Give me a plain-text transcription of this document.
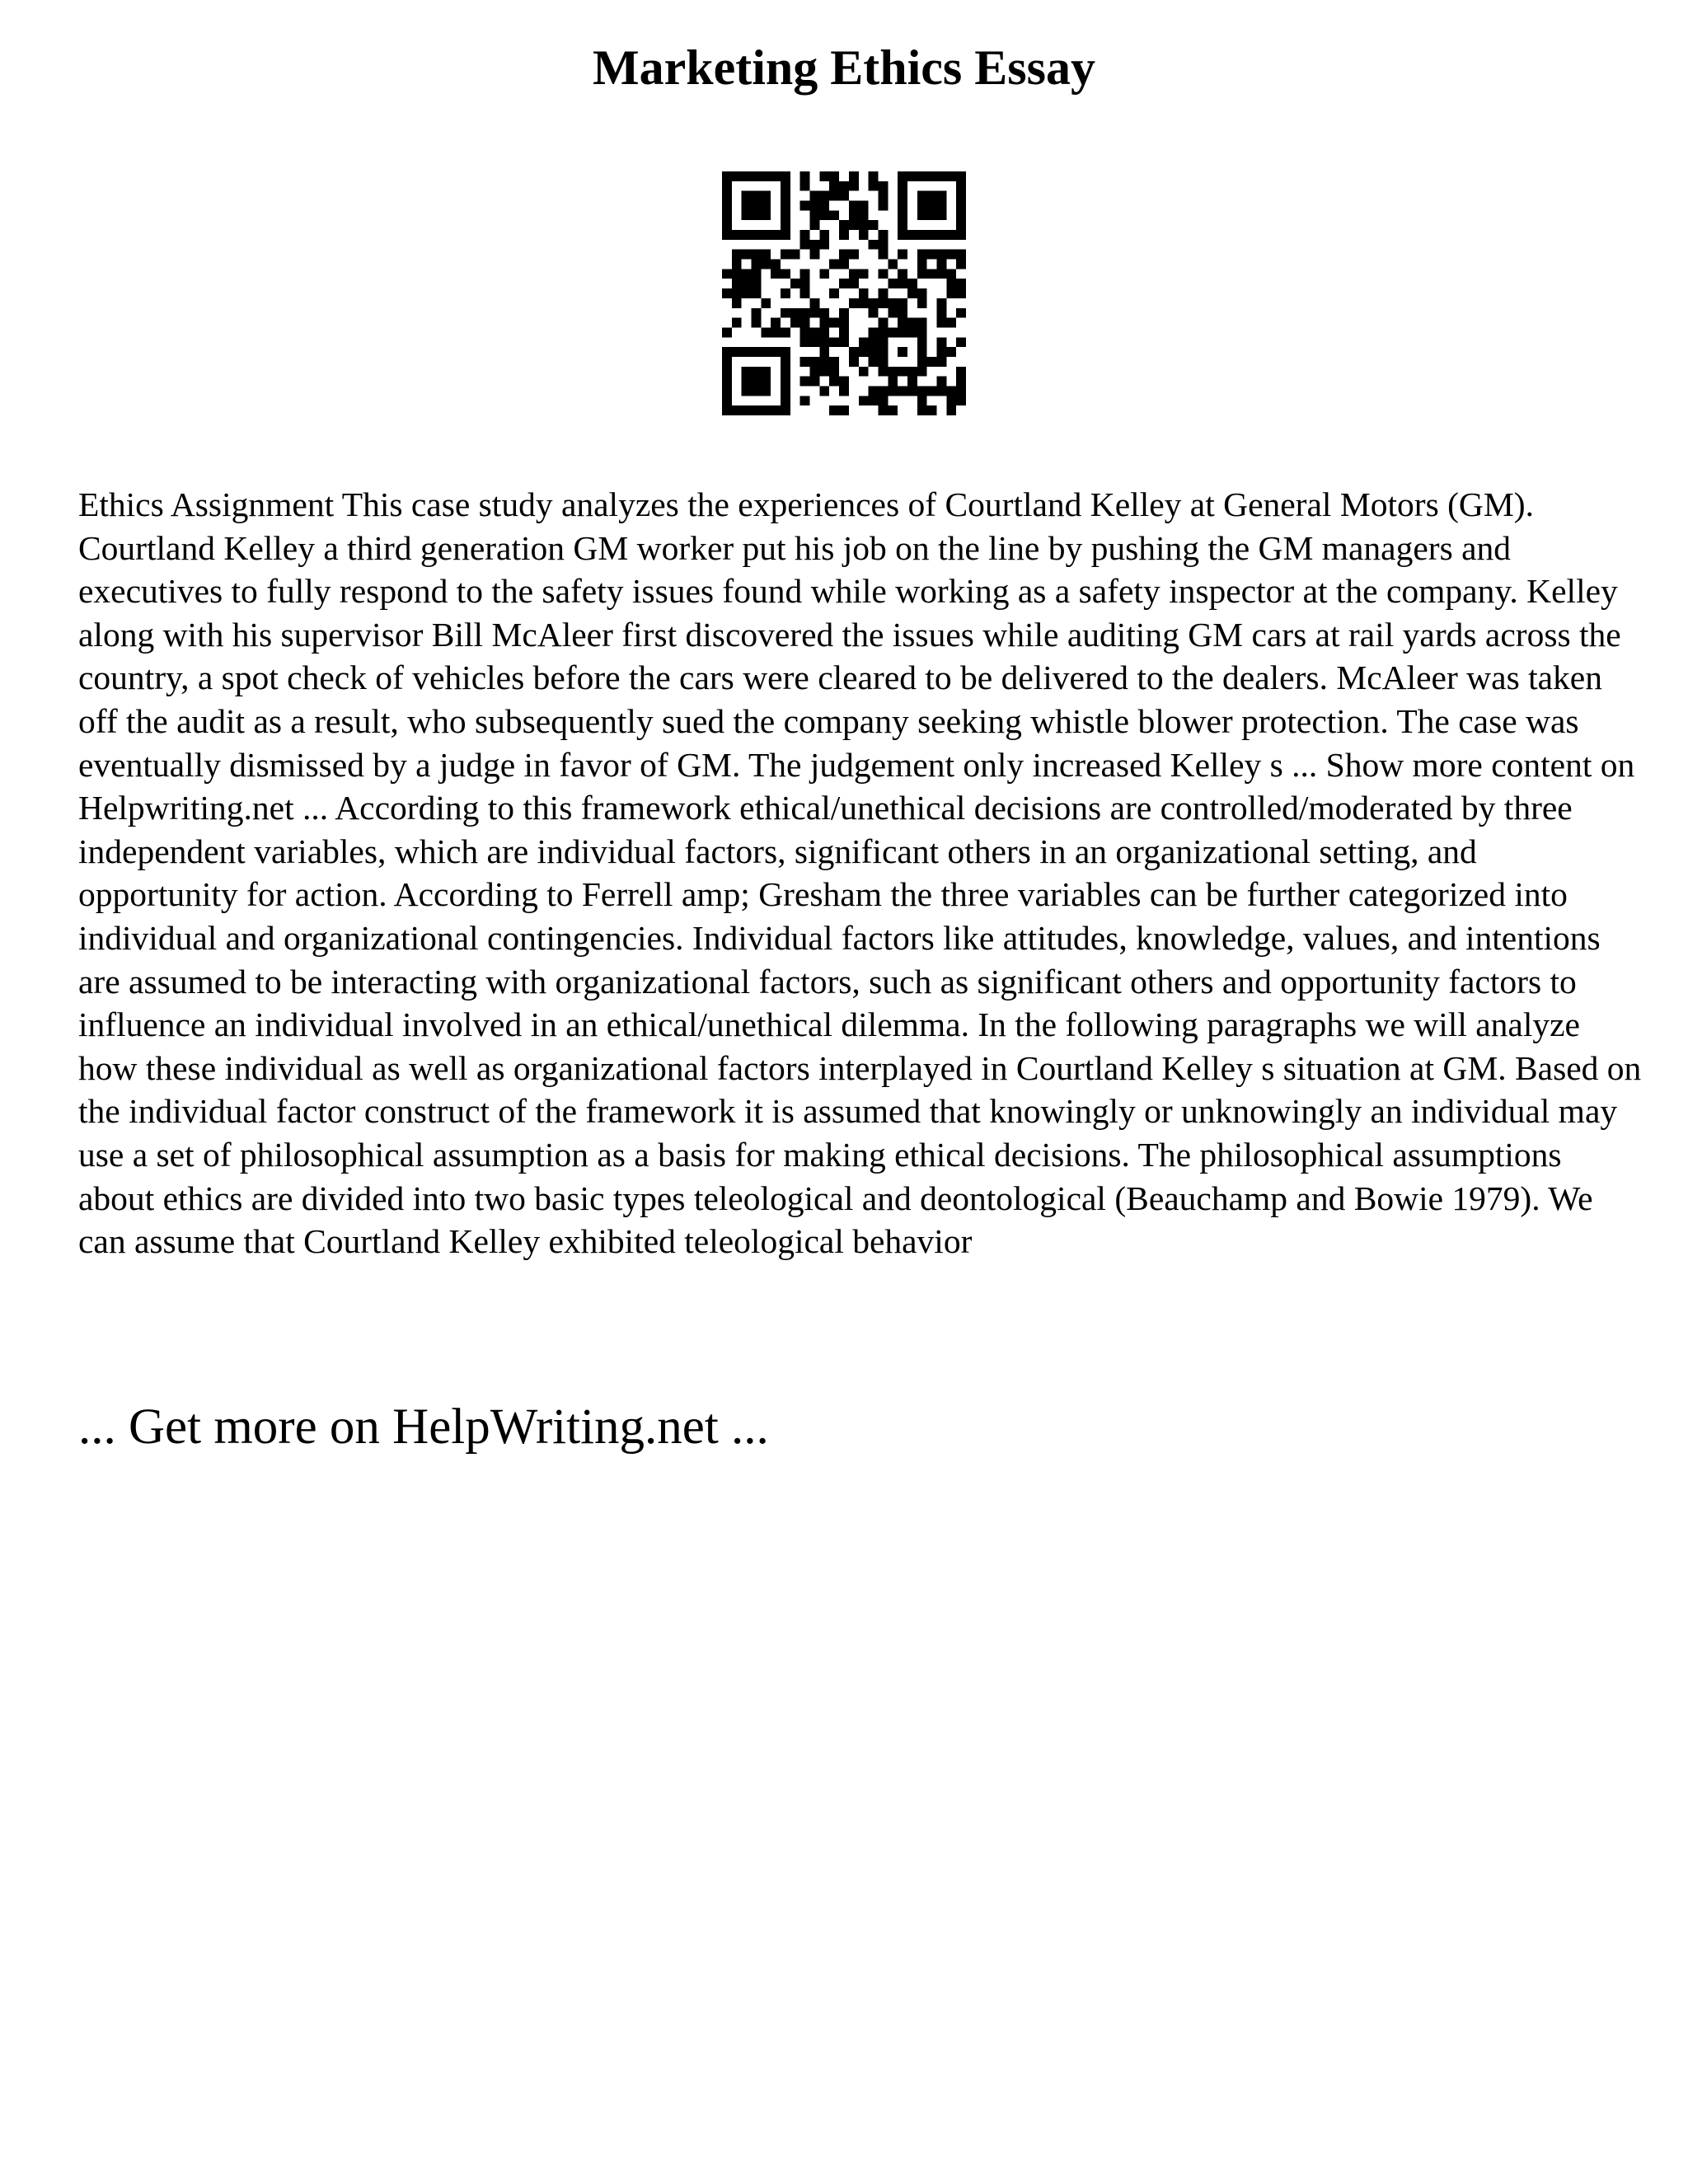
Marketing Ethics Essay

Ethics Assignment This case study analyzes the experiences of Courtland Kelley at General Motors (GM). Courtland Kelley a third generation GM worker put his job on the line by pushing the GM managers and executives to fully respond to the safety issues found while working as a safety inspector at the company. Kelley along with his supervisor Bill McAleer first discovered the issues while auditing GM cars at rail yards across the country, a spot check of vehicles before the cars were cleared to be delivered to the dealers. McAleer was taken off the audit as a result, who subsequently sued the company seeking whistle blower protection. The case was eventually dismissed by a judge in favor of GM. The judgement only increased Kelley s ... Show more content on Helpwriting.net ... According to this framework ethical/unethical decisions are controlled/moderated by three independent variables, which are individual factors, significant others in an organizational setting, and opportunity for action. According to Ferrell amp; Gresham the three variables can be further categorized into individual and organizational contingencies. Individual factors like attitudes, knowledge, values, and intentions are assumed to be interacting with organizational factors, such as significant others and opportunity factors to influence an individual involved in an ethical/unethical dilemma. In the following paragraphs we will analyze how these individual as well as organizational factors interplayed in Courtland Kelley s situation at GM. Based on the individual factor construct of the framework it is assumed that knowingly or unknowingly an individual may use a set of philosophical assumption as a basis for making ethical decisions. The philosophical assumptions about ethics are divided into two basic types teleological and deontological (Beauchamp and Bowie 1979). We can assume that Courtland Kelley exhibited teleological behavior

... Get more on HelpWriting.net ...
